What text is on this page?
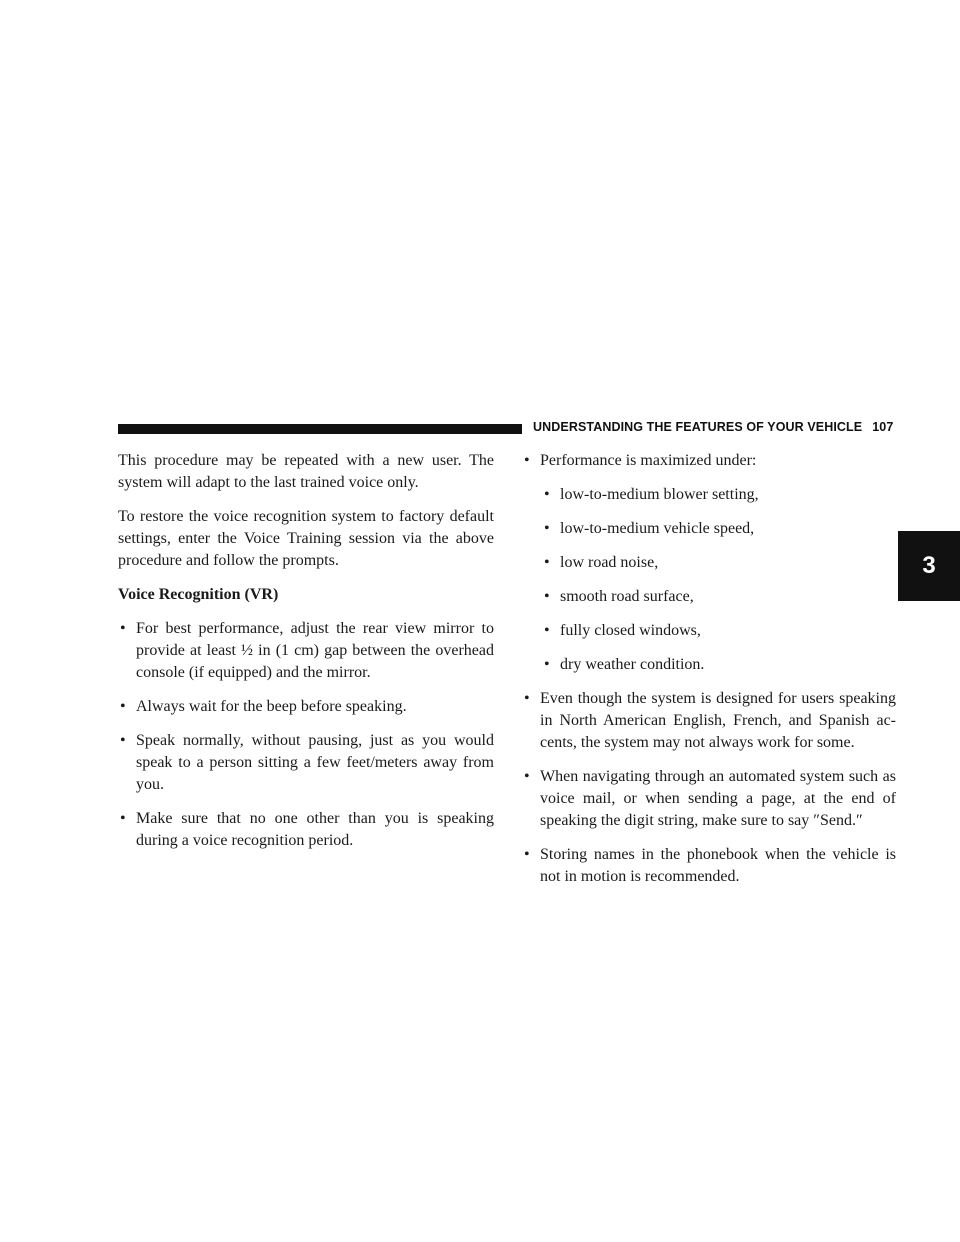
UNDERSTANDING THE FEATURES OF YOUR VEHICLE 107
3

This procedure may be repeated with a new user. The system will adapt to the last trained voice only.

To restore the voice recognition system to factory default settings, enter the Voice Training session via the above procedure and follow the prompts.

Voice Recognition (VR)
• For best performance, adjust the rear view mirror to provide at least ½ in (1 cm) gap between the overhead console (if equipped) and the mirror.
• Always wait for the beep before speaking.
• Speak normally, without pausing, just as you would speak to a person sitting a few feet/meters away from you.
• Make sure that no one other than you is speaking during a voice recognition period.
• Performance is maximized under:
• low-to-medium blower setting,
• low-to-medium vehicle speed,
• low road noise,
• smooth road surface,
• fully closed windows,
• dry weather condition.
• Even though the system is designed for users speaking in North American English, French, and Spanish ac-cents, the system may not always work for some.
• When navigating through an automated system such as voice mail, or when sending a page, at the end of speaking the digit string, make sure to say ″Send.″
• Storing names in the phonebook when the vehicle is not in motion is recommended.
